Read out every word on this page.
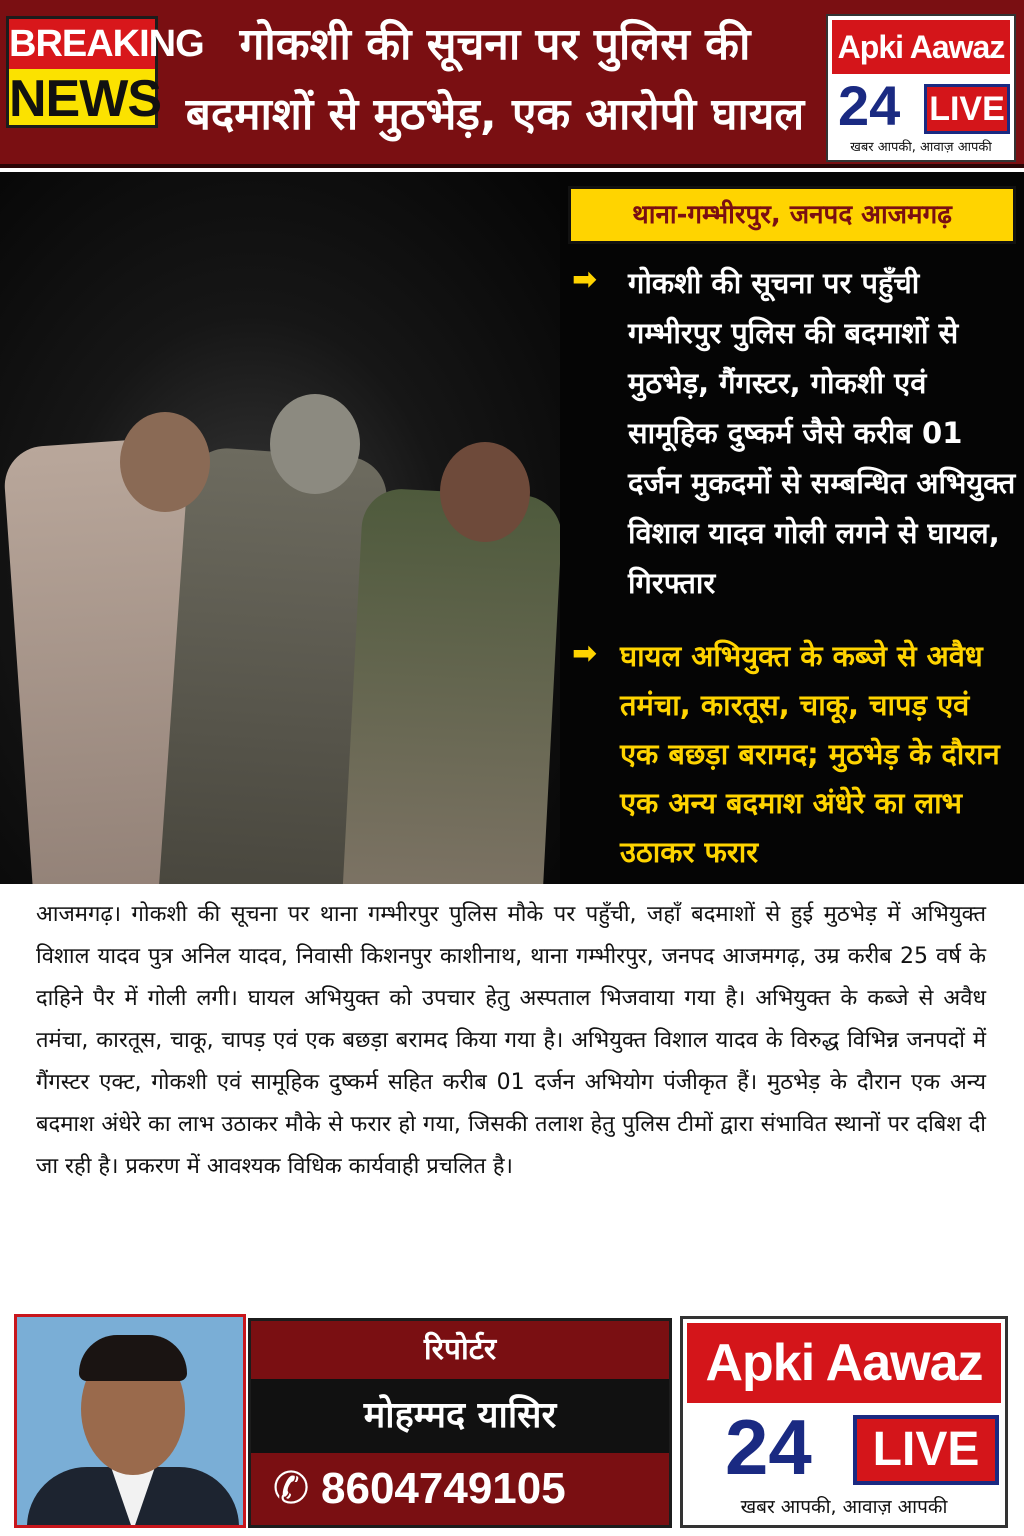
BREAKING
NEWS
गोकशी की सूचना पर पुलिस की
बदमाशों से मुठभेड़, एक आरोपी घायल
Apki Aawaz
24 LIVE
खबर आपकी, आवाज़ आपकी
थाना-गम्भीरपुर, जनपद आजमगढ़
➡	गोकशी की सूचना पर पहुँची गम्भीरपुर पुलिस की बदमाशों से मुठभेड़, गैंगस्टर, गोकशी एवं सामूहिक दुष्कर्म जैसे करीब 01 दर्जन मुकदमों से सम्बन्धित अभियुक्त विशाल यादव गोली लगने से घायल, गिरफ्तार
➡ घायल अभियुक्त के कब्जे से अवैध तमंचा, कारतूस, चाकू, चापड़ एवं एक बछड़ा बरामद; मुठभेड़ के दौरान एक अन्य बदमाश अंधेरे का लाभ उठाकर फरार

आजमगढ़। गोकशी की सूचना पर थाना गम्भीरपुर पुलिस मौके पर पहुँची, जहाँ बदमाशों से हुई मुठभेड़ में अभियुक्त विशाल यादव पुत्र अनिल यादव, निवासी किशनपुर काशीनाथ, थाना गम्भीरपुर, जनपद आजमगढ़, उम्र करीब 25 वर्ष के दाहिने पैर में गोली लगी। घायल अभियुक्त को उपचार हेतु अस्पताल भिजवाया गया है। अभियुक्त के कब्जे से अवैध तमंचा, कारतूस, चाकू, चापड़ एवं एक बछड़ा बरामद किया गया है। अभियुक्त विशाल यादव के विरुद्ध विभिन्न जनपदों में गैंगस्टर एक्ट, गोकशी एवं सामूहिक दुष्कर्म सहित करीब 01 दर्जन अभियोग पंजीकृत हैं। मुठभेड़ के दौरान एक अन्य बदमाश अंधेरे का लाभ उठाकर मौके से फरार हो गया, जिसकी तलाश हेतु पुलिस टीमों द्वारा संभावित स्थानों पर दबिश दी जा रही है। प्रकरण में आवश्यक विधिक कार्यवाही प्रचलित है।

रिपोर्टर
मोहम्मद यासिर
✆ 8604749105
Apki Aawaz
24	LIVE
खबर आपकी, आवाज़ आपकी
